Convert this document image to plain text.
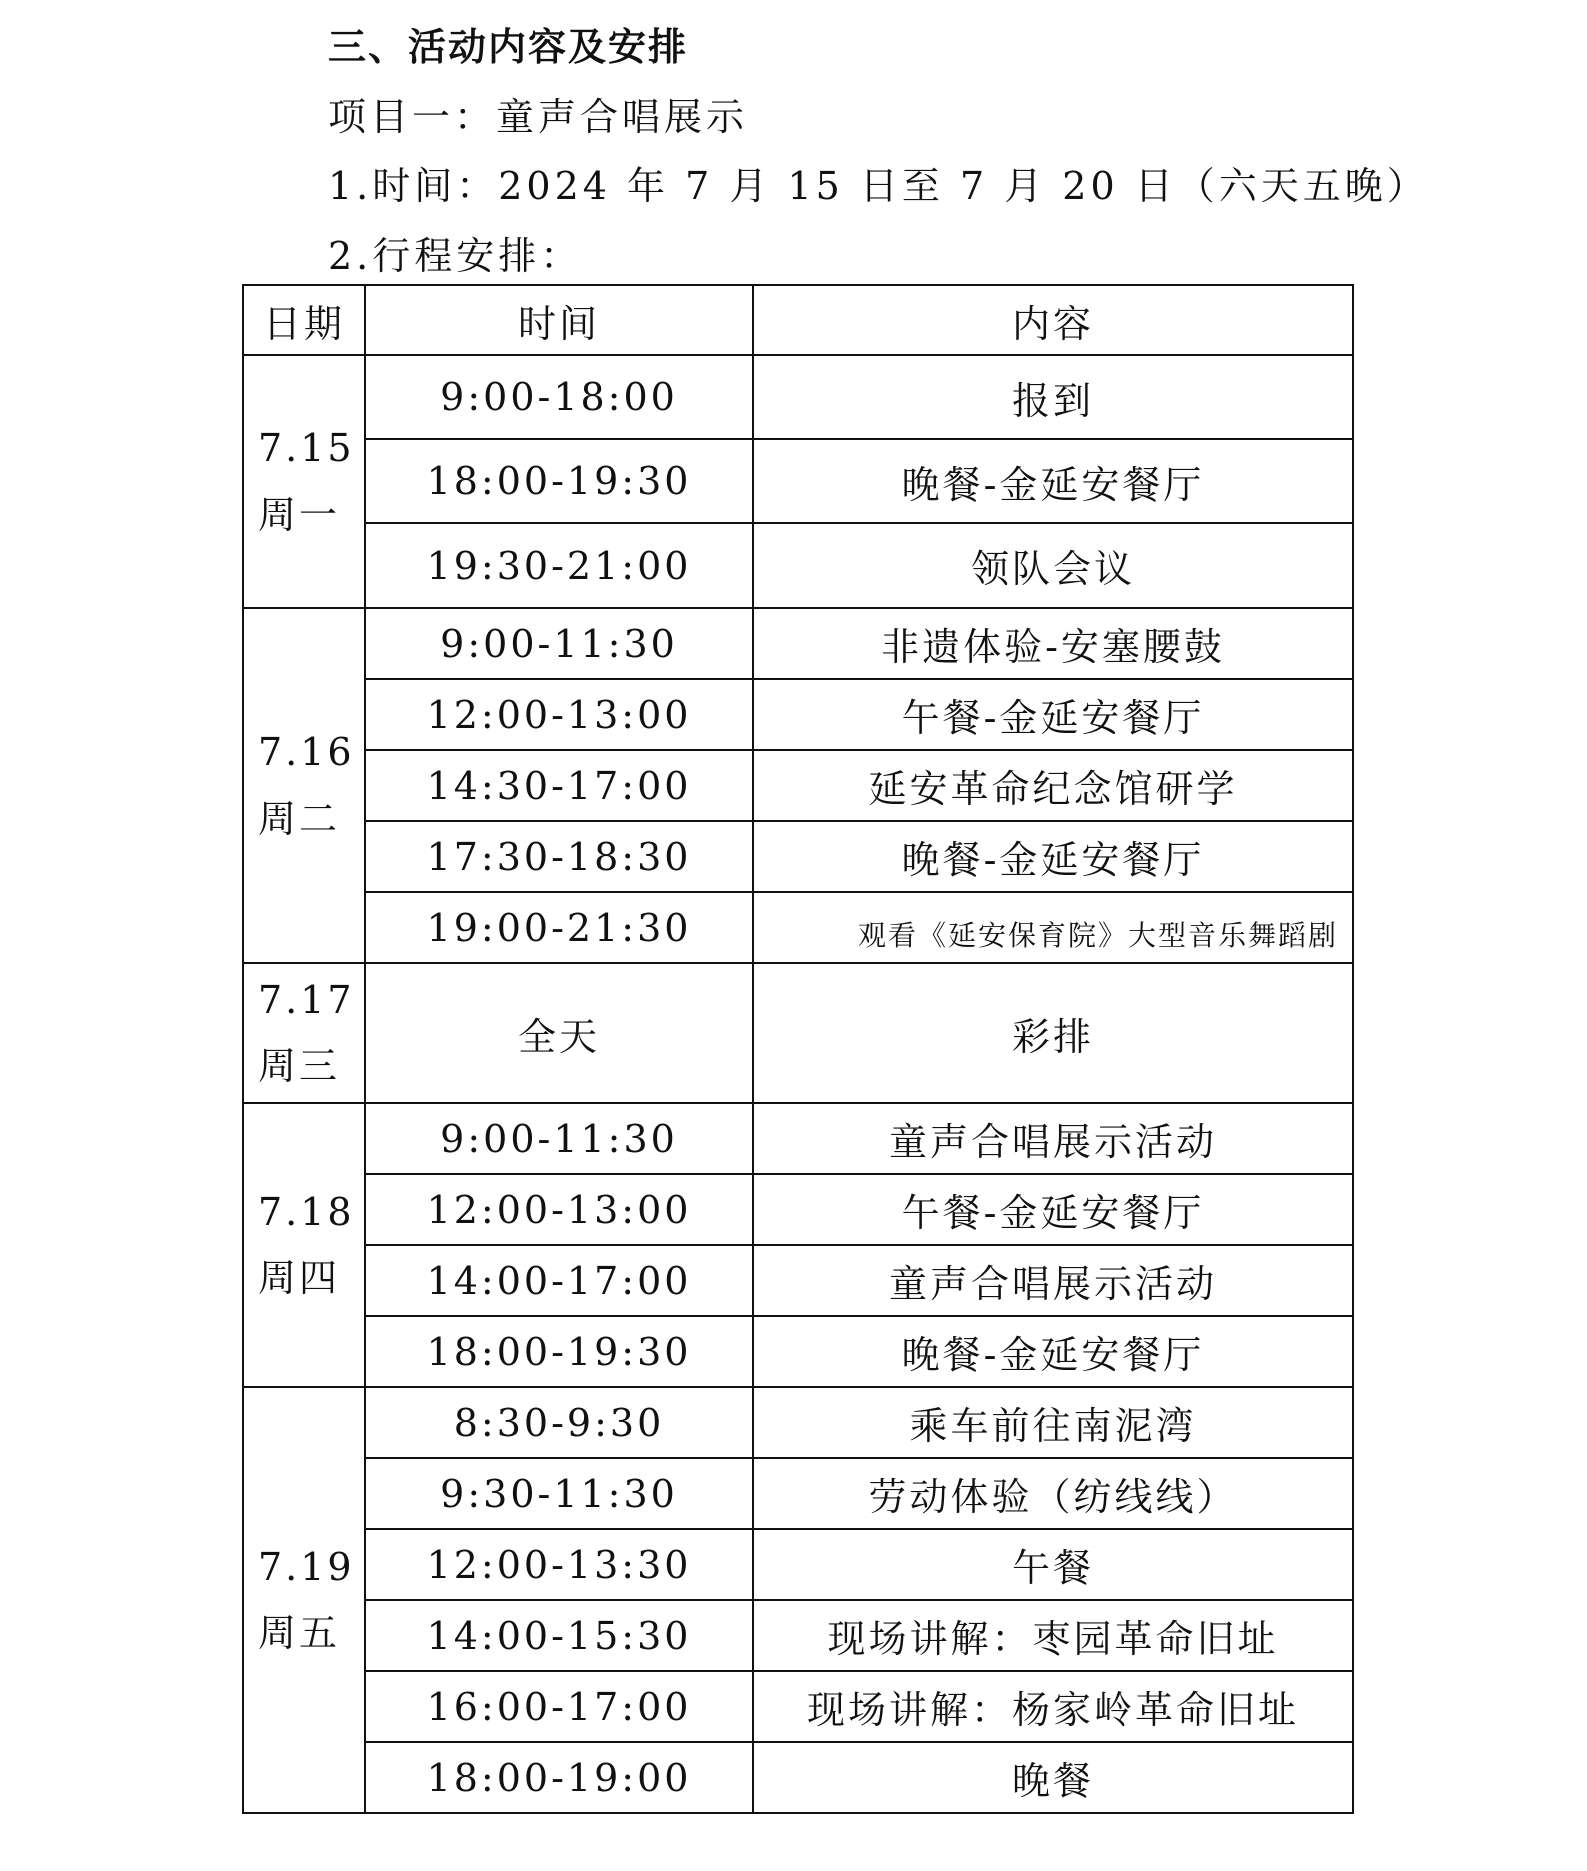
三、活动内容及安排
项目一：童声合唱展示
1.时间：2024 年 7 月 15 日至 7 月 20 日（六天五晚）
2.行程安排：
日期	时间	内容

7.15
周一	9:00-18:00	报到
	18:00-19:30	晚餐-金延安餐厅
	19:30-21:00	领队会议

7.16
周二	9:00-11:30	非遗体验-安塞腰鼓
	12:00-13:00	午餐-金延安餐厅
	14:30-17:00	延安革命纪念馆研学
	17:30-18:30	晚餐-金延安餐厅
	19:00-21:30	观看《延安保育院》大型音乐舞蹈剧

7.17
周三	全天	彩排

7.18
周四	9:00-11:30	童声合唱展示活动
	12:00-13:00	午餐-金延安餐厅
	14:00-17:00	童声合唱展示活动
	18:00-19:30	晚餐-金延安餐厅

7.19
周五	8:30-9:30	乘车前往南泥湾
	9:30-11:30	劳动体验（纺线线）
	12:00-13:30	午餐
	14:00-15:30	现场讲解：枣园革命旧址
	16:00-17:00	现场讲解：杨家岭革命旧址
	18:00-19:00	晚餐
